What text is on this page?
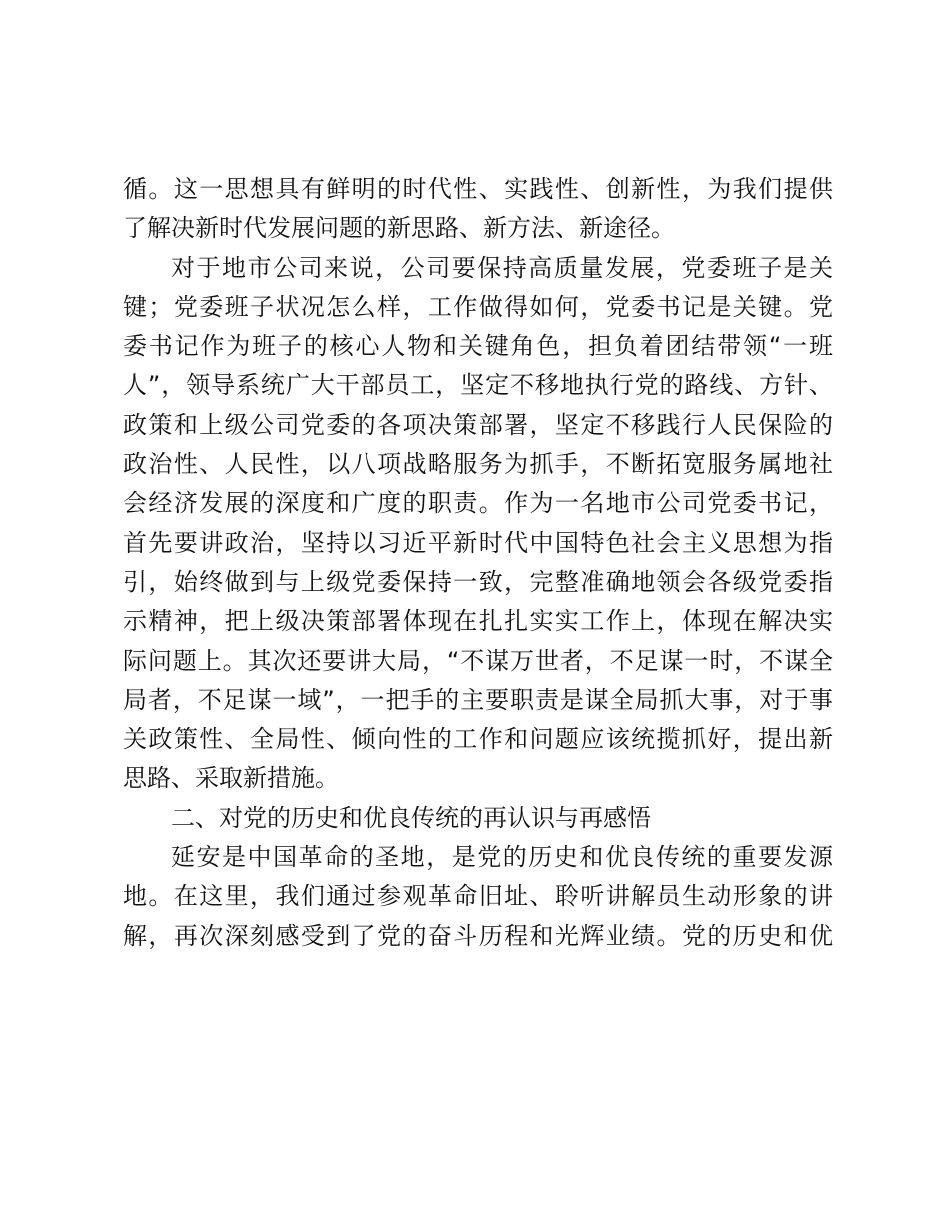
循。这一思想具有鲜明的时代性、实践性、创新性，为我们提供
了解决新时代发展问题的新思路、新方法、新途径。
对于地市公司来说，公司要保持高质量发展，党委班子是关
键；党委班子状况怎么样，工作做得如何，党委书记是关键。党
委书记作为班子的核心人物和关键角色，担负着团结带领“一班
人”，领导系统广大干部员工，坚定不移地执行党的路线、方针、
政策和上级公司党委的各项决策部署，坚定不移践行人民保险的
政治性、人民性，以八项战略服务为抓手，不断拓宽服务属地社
会经济发展的深度和广度的职责。作为一名地市公司党委书记，
首先要讲政治，坚持以习近平新时代中国特色社会主义思想为指
引，始终做到与上级党委保持一致，完整准确地领会各级党委指
示精神，把上级决策部署体现在扎扎实实工作上，体现在解决实
际问题上。其次还要讲大局，“不谋万世者，不足谋一时，不谋全
局者，不足谋一域”，一把手的主要职责是谋全局抓大事，对于事
关政策性、全局性、倾向性的工作和问题应该统揽抓好，提出新
思路、采取新措施。
二、对党的历史和优良传统的再认识与再感悟
延安是中国革命的圣地，是党的历史和优良传统的重要发源
地。在这里，我们通过参观革命旧址、聆听讲解员生动形象的讲
解，再次深刻感受到了党的奋斗历程和光辉业绩。党的历史和优
